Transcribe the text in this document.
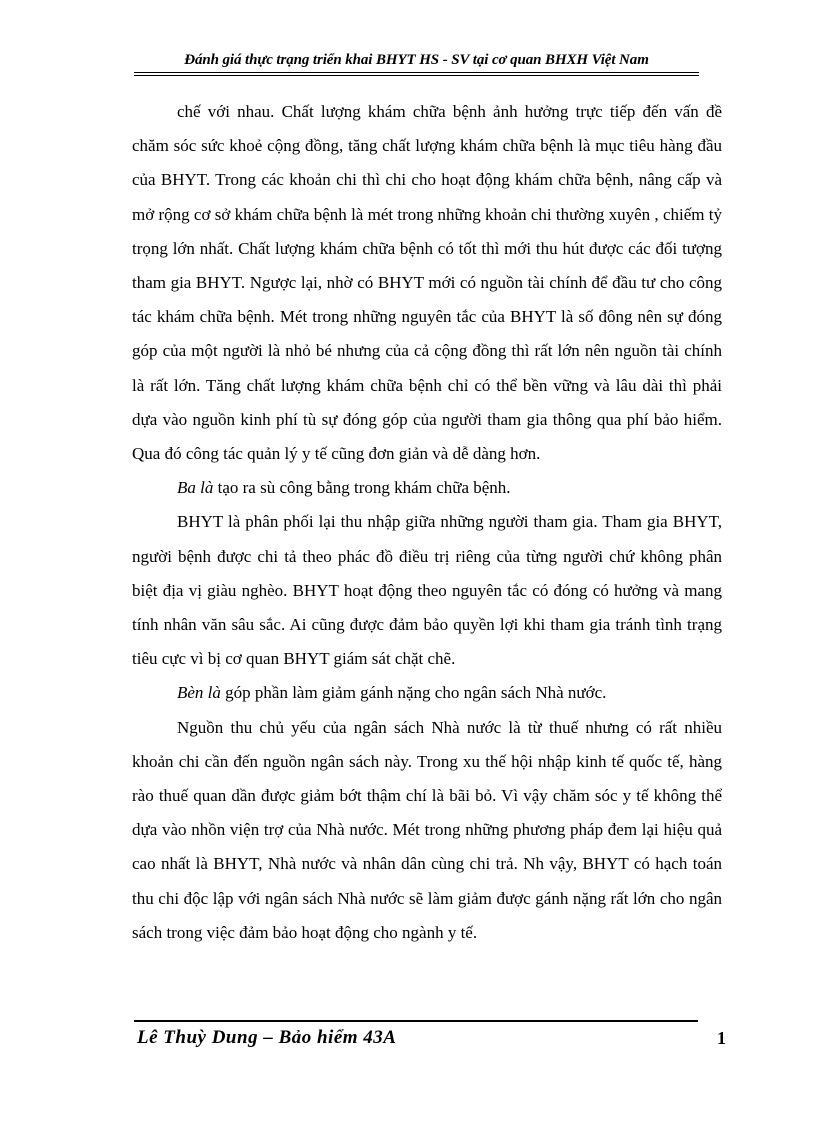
Đánh giá thực trạng triển khai BHYT HS - SV tại cơ quan BHXH Việt Nam

chế với nhau. Chất lượng khám chữa bệnh ảnh hưởng trực tiếp đến vấn đề chăm sóc sức khoẻ cộng đồng, tăng chất lượng khám chữa bệnh là mục tiêu hàng đầu của BHYT. Trong các khoản chi thì chi cho hoạt động khám chữa bệnh, nâng cấp và mở rộng cơ sở khám chữa bệnh là mét trong những khoản chi thường xuyên , chiếm tỷ trọng lớn nhất. Chất lượng khám chữa bệnh có tốt thì mới thu hút được các đối tượng tham gia BHYT. Ngược lại, nhờ có BHYT mới có nguồn tài chính để đầu tư cho công tác khám chữa bệnh. Mét trong những nguyên tắc của BHYT là số đông nên sự đóng góp của một người là nhỏ bé nhưng của cả cộng đồng thì rất lớn nên nguồn tài chính là rất lớn. Tăng chất lượng khám chữa bệnh chỉ có thể bền vững và lâu dài thì phải dựa vào nguồn kinh phí tù sự đóng góp của người tham gia thông qua phí bảo hiểm. Qua đó công tác quản lý y tế cũng đơn giản và dễ dàng hơn.

Ba là tạo ra sù công bằng trong khám chữa bệnh.

BHYT là phân phối lại thu nhập giữa những người tham gia. Tham gia BHYT, người bệnh được chi tả theo phác đồ điều trị riêng của từng người chứ không phân biệt địa vị giàu nghèo. BHYT hoạt động theo nguyên tắc có đóng có hưởng và mang tính nhân văn sâu sắc. Ai cũng được đảm bảo quyền lợi khi tham gia tránh tình trạng tiêu cực vì bị cơ quan BHYT giám sát chặt chẽ.

Bèn là góp phần làm giảm gánh nặng cho ngân sách Nhà nước.

Nguồn thu chủ yếu của ngân sách Nhà nước là từ thuế nhưng có rất nhiều khoản chi cần đến nguồn ngân sách này. Trong xu thế hội nhập kinh tế quốc tế, hàng rào thuế quan dần được giảm bớt thậm chí là bãi bỏ. Vì vậy chăm sóc y tế không thể dựa vào nhồn viện trợ của Nhà nước. Mét trong những phương pháp đem lại hiệu quả cao nhất là BHYT, Nhà nước và nhân dân cùng chi trả. Nh vậy, BHYT có hạch toán thu chi độc lập với ngân sách Nhà nước sẽ làm giảm được gánh nặng rất lớn cho ngân sách trong việc đảm bảo hoạt động cho ngành y tế.

Lê Thuỳ Dung – Bảo hiểm 43A	1
